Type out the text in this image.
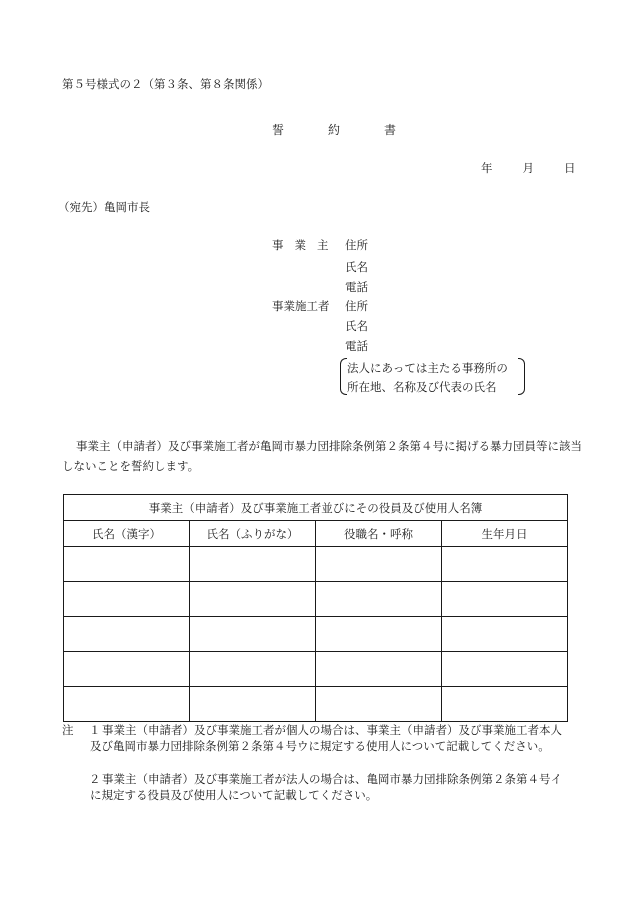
第５号様式の２（第３条、第８条関係）
誓　約　書
年	月	日
（宛先）亀岡市長
事業主 住所
氏名
電話
事業施工者 住所
氏名
電話
法人にあっては主たる事務所の
所在地、名称及び代表の氏名
事業主（申請者）及び事業施工者が亀岡市暴力団排除条例第２条第４号に掲げる暴力団員等に該当しないことを誓約します。
事業主（申請者）及び事業施工者並びにその役員及び使用人名簿			
氏名（漢字）	氏名（ふりがな）	役職名・呼称	生年月日

注 １ 事業主（申請者）及び事業施工者が個人の場合は、事業主（申請者）及び事業施工者本人及び亀岡市暴力団排除条例第２条第４号ウに規定する使用人について記載してください。
２ 事業主（申請者）及び事業施工者が法人の場合は、亀岡市暴力団排除条例第２条第４号イに規定する役員及び使用人について記載してください。
